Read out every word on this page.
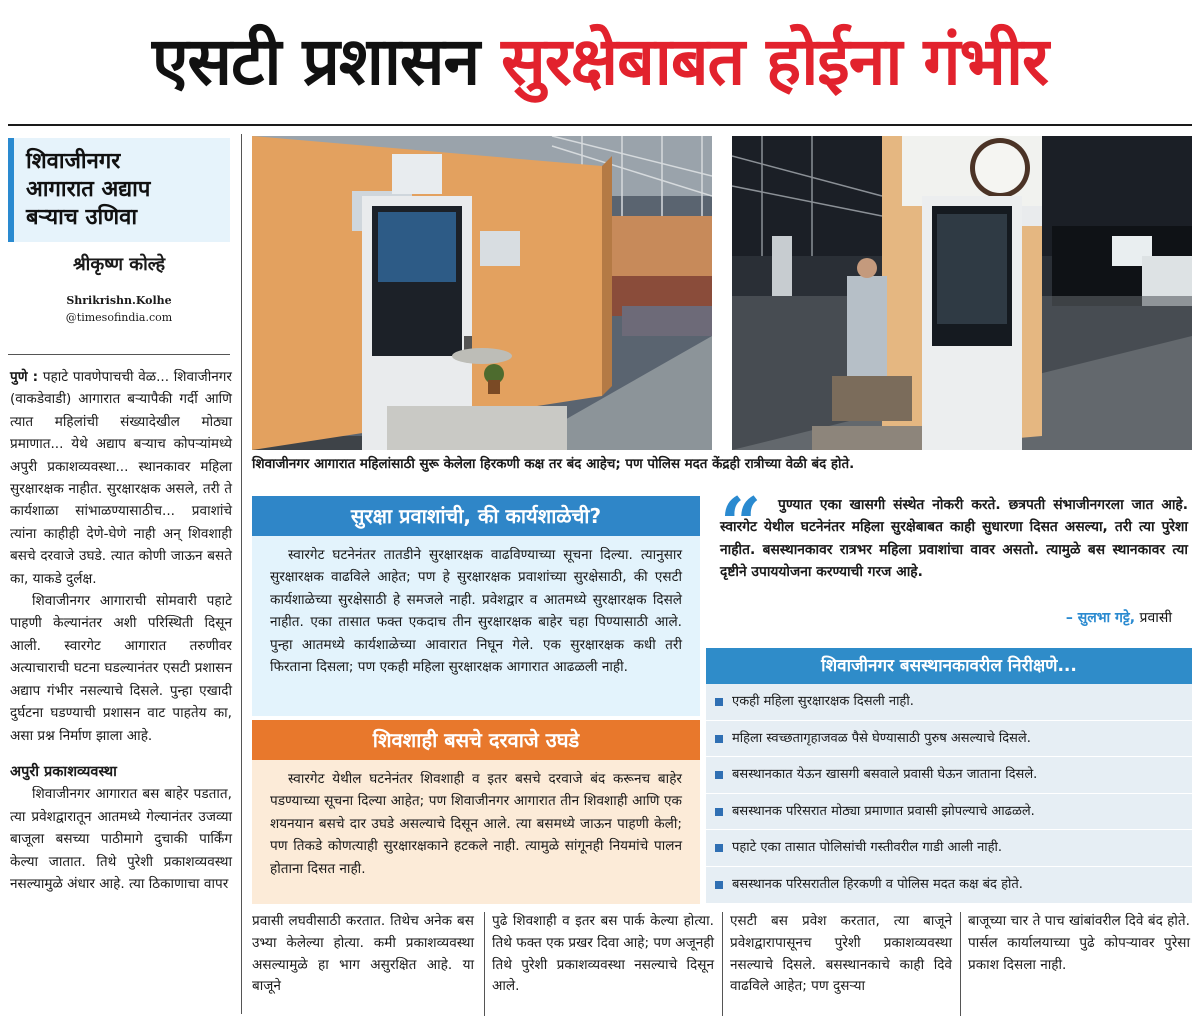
एसटी प्रशासन सुरक्षेबाबत होईना गंभीर
शिवाजीनगर
आगारात अद्याप
बऱ्याच उणिवा
श्रीकृष्ण कोल्हे
Shrikrishn.Kolhe
@timesofindia.com

पुणे : पहाटे पावणेपाचची वेळ... शिवाजीनगर (वाकडेवाडी) आगारात बऱ्यापैकी गर्दी आणि त्यात महिलांची संख्यादेखील मोठ्या प्रमाणात... येथे अद्याप बऱ्याच कोपऱ्यांमध्ये अपुरी प्रकाशव्यवस्था... स्थानकावर महिला सुरक्षारक्षक नाहीत. सुरक्षारक्षक असले, तरी ते कार्यशाळा सांभाळण्यासाठीच... प्रवाशांचे त्यांना काहीही देणे-घेणे नाही अन् शिवशाही बसचे दरवाजे उघडे. त्यात कोणी जाऊन बसते का, याकडे दुर्लक्ष.

शिवाजीनगर आगाराची सोमवारी पहाटे पाहणी केल्यानंतर अशी परिस्थिती दिसून आली. स्वारगेट आगारात तरुणीवर अत्याचाराची घटना घडल्यानंतर एसटी प्रशासन अद्याप गंभीर नसल्याचे दिसले. पुन्हा एखादी दुर्घटना घडण्याची प्रशासन वाट पाहतेय का, असा प्रश्न निर्माण झाला आहे.

अपुरी प्रकाशव्यवस्था

शिवाजीनगर आगारात बस बाहेर पडतात, त्या प्रवेशद्वारातून आतमध्ये गेल्यानंतर उजव्या बाजूला बसच्या पाठीमागे दुचाकी पार्किंग केल्या जातात. तिथे पुरेशी प्रकाशव्यवस्था नसल्यामुळे अंधार आहे. त्या ठिकाणाचा वापर

शिवाजीनगर आगारात महिलांसाठी सुरू केलेला हिरकणी कक्ष तर बंद आहेच; पण पोलिस मदत केंद्रही रात्रीच्या वेळी बंद होते.
सुरक्षा प्रवाशांची, की कार्यशाळेची?

स्वारगेट घटनेनंतर तातडीने सुरक्षारक्षक वाढविण्याच्या सूचना दिल्या. त्यानुसार सुरक्षारक्षक वाढविले आहेत; पण हे सुरक्षारक्षक प्रवाशांच्या सुरक्षेसाठी, की एसटी कार्यशाळेच्या सुरक्षेसाठी हे समजले नाही. प्रवेशद्वार व आतमध्ये सुरक्षारक्षक दिसले नाहीत. एका तासात फक्त एकदाच तीन सुरक्षारक्षक बाहेर चहा पिण्यासाठी आले. पुन्हा आतमध्ये कार्यशाळेच्या आवारात निघून गेले. एक सुरक्षारक्षक कधी तरी फिरताना दिसला; पण एकही महिला सुरक्षारक्षक आगारात आढळली नाही.

शिवशाही बसचे दरवाजे उघडे

स्वारगेट येथील घटनेनंतर शिवशाही व इतर बसचे दरवाजे बंद करूनच बाहेर पडण्याच्या सूचना दिल्या आहेत; पण शिवाजीनगर आगारात तीन शिवशाही आणि एक शयनयान बसचे दार उघडे असल्याचे दिसून आले. त्या बसमध्ये जाऊन पाहणी केली; पण तिकडे कोणत्याही सुरक्षारक्षकाने हटकले नाही. त्यामुळे सांगूनही नियमांचे पालन होताना दिसत नाही.

“	पुण्यात एका खासगी संस्थेत नोकरी करते. छत्रपती संभाजीनगरला जात आहे. स्वारगेट येथील घटनेनंतर महिला सुरक्षेबाबत काही सुधारणा दिसत असल्या, तरी त्या पुरेशा नाहीत. बसस्थानकावर रात्रभर महिला प्रवाशांचा वावर असतो. त्यामुळे बस स्थानकावर त्या दृष्टीने उपाययोजना करण्याची गरज आहे.
– सुलभा गट्टे, प्रवासी
शिवाजीनगर बसस्थानकावरील निरीक्षणे...
एकही महिला सुरक्षारक्षक दिसली नाही.
महिला स्वच्छतागृहाजवळ पैसे घेण्यासाठी पुरुष असल्याचे दिसले.
बसस्थानकात येऊन खासगी बसवाले प्रवासी घेऊन जाताना दिसले.
बसस्थानक परिसरात मोठ्या प्रमाणात प्रवासी झोपल्याचे आढळले.
पहाटे एका तासात पोलिसांची गस्तीवरील गाडी आली नाही.
बसस्थानक परिसरातील हिरकणी व पोलिस मदत कक्ष बंद होते.
प्रवासी लघवीसाठी करतात. तिथेच अनेक बस उभ्या केलेल्या होत्या. कमी प्रकाशव्यवस्था असल्यामुळे हा भाग असुरक्षित आहे. या बाजूने
पुढे शिवशाही व इतर बस पार्क केल्या होत्या. तिथे फक्त एक प्रखर दिवा आहे; पण अजूनही तिथे पुरेशी प्रकाशव्यवस्था नसल्याचे दिसून आले.
एसटी बस प्रवेश करतात, त्या बाजूने प्रवेशद्वारापासूनच पुरेशी प्रकाशव्यवस्था नसल्याचे दिसले. बसस्थानकाचे काही दिवे वाढविले आहेत; पण दुसऱ्या
बाजूच्या चार ते पाच खांबांवरील दिवे बंद होते. पार्सल कार्यालयाच्या पुढे कोपऱ्यावर पुरेसा प्रकाश दिसला नाही.
